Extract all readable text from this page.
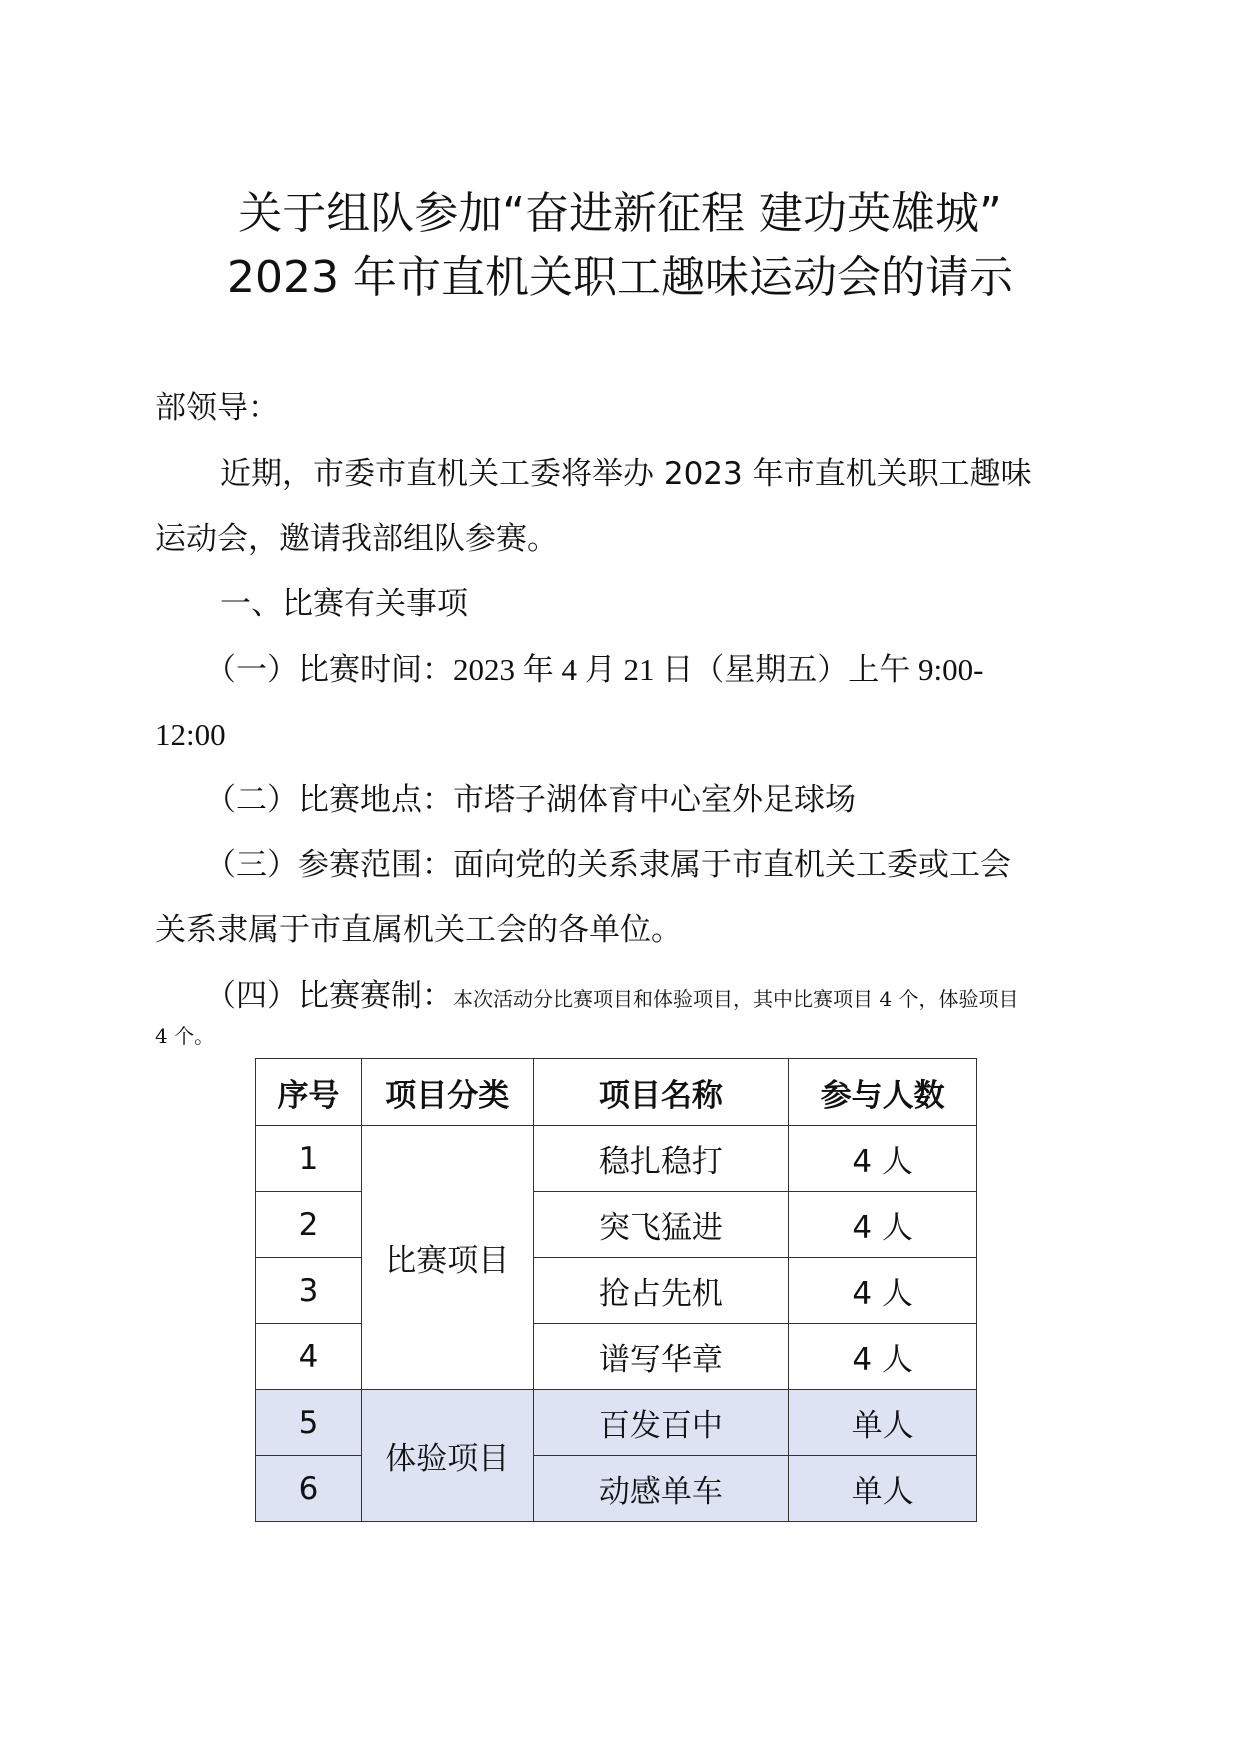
关于组队参加“奋进新征程 建功英雄城”
2023 年市直机关职工趣味运动会的请示
部领导：
近期，市委市直机关工委将举办 2023 年市直机关职工趣味
运动会，邀请我部组队参赛。
一、比赛有关事项
（一）比赛时间：2023 年 4 月 21 日（星期五）上午 9:00-
12:00
（二）比赛地点：市塔子湖体育中心室外足球场
（三）参赛范围：面向党的关系隶属于市直机关工委或工会
关系隶属于市直属机关工会的各单位。
（四）比赛赛制：本次活动分比赛项目和体验项目，其中比赛项目 4 个，体验项目
4 个。
序号	项目分类	项目名称	参与人数
1	比赛项目	稳扎稳打	4 人
2		突飞猛进	4 人
3		抢占先机	4 人
4		谱写华章	4 人
5	体验项目	百发百中	单人
6		动感单车	单人
